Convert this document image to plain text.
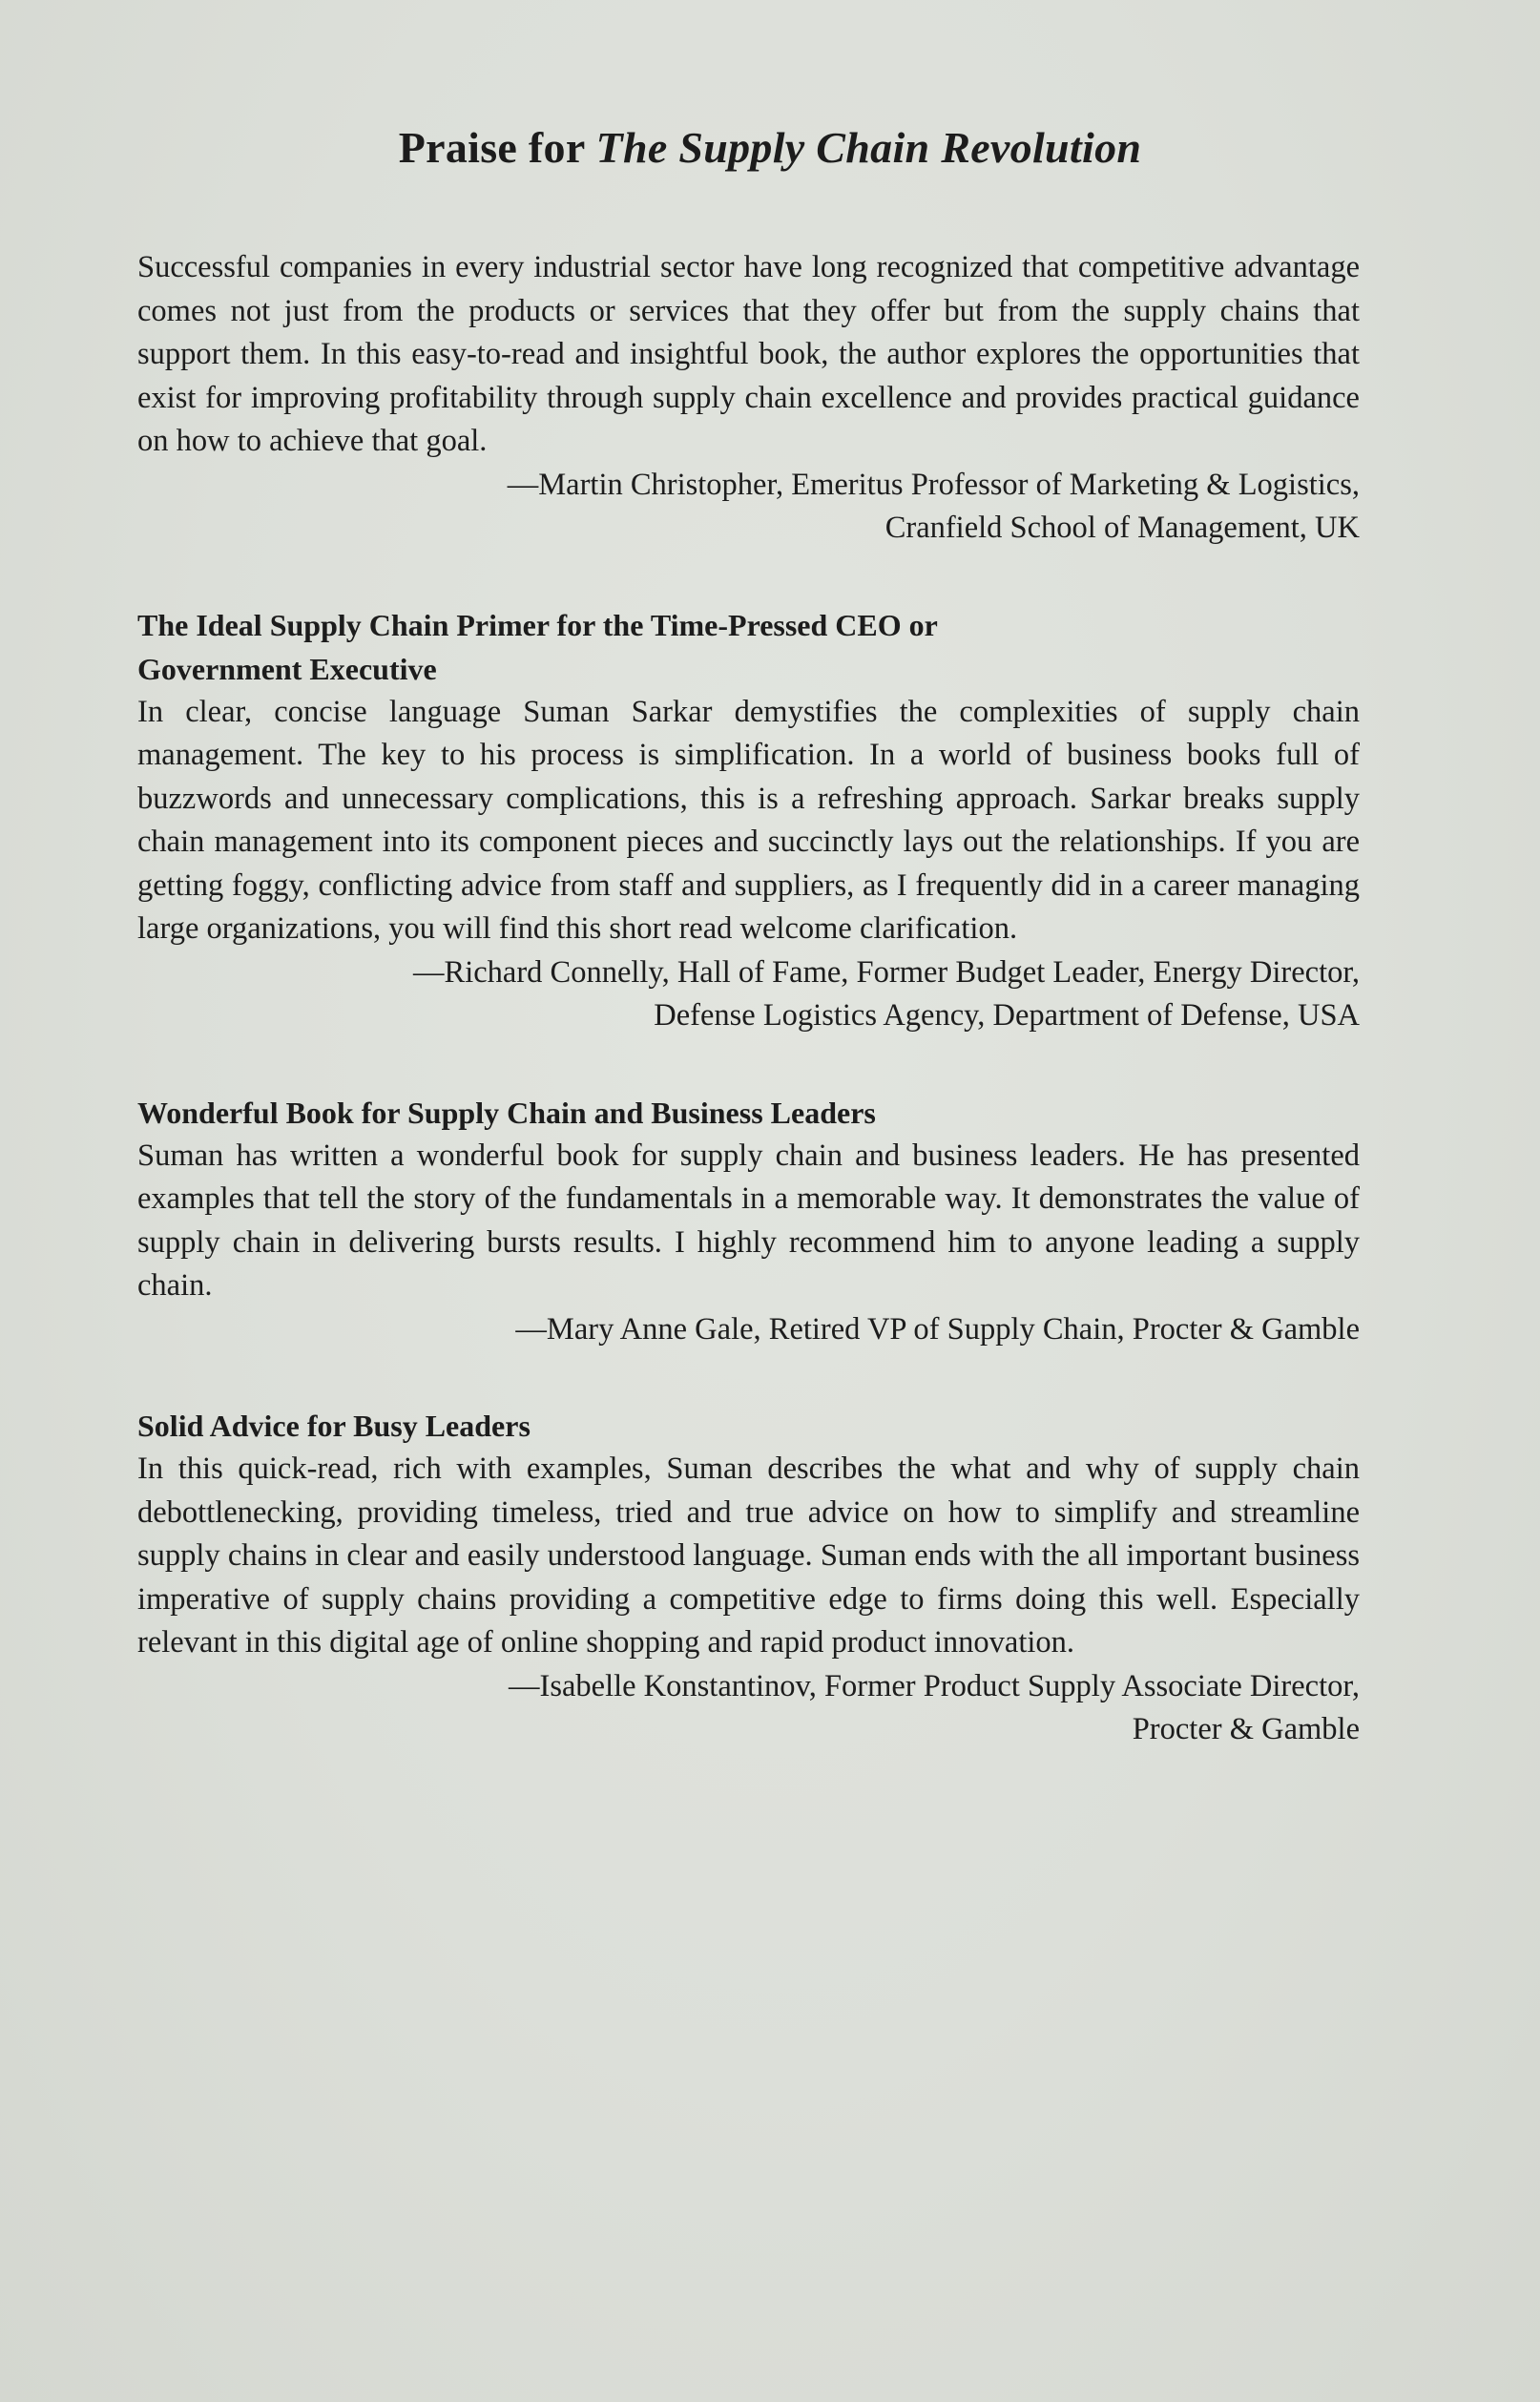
Praise for The Supply Chain Revolution

Successful companies in every industrial sector have long recognized that competitive advantage comes not just from the products or services that they offer but from the supply chains that support them. In this easy-to-read and insightful book, the author explores the opportunities that exist for improving profitability through supply chain excellence and provides practical guidance on how to achieve that goal.

—Martin Christopher, Emeritus Professor of Marketing & Logistics,
Cranfield School of Management, UK

The Ideal Supply Chain Primer for the Time-Pressed CEO or
Government Executive

In clear, concise language Suman Sarkar demystifies the complexities of supply chain management. The key to his process is simplification. In a world of business books full of buzzwords and unnecessary complications, this is a refreshing approach. Sarkar breaks supply chain management into its component pieces and succinctly lays out the relationships. If you are getting foggy, conflicting advice from staff and suppliers, as I frequently did in a career managing large organizations, you will find this short read welcome clarification.

—Richard Connelly, Hall of Fame, Former Budget Leader, Energy Director,
Defense Logistics Agency, Department of Defense, USA

Wonderful Book for Supply Chain and Business Leaders

Suman has written a wonderful book for supply chain and business leaders. He has presented examples that tell the story of the fundamentals in a memorable way. It demonstrates the value of supply chain in delivering bursts results. I highly recommend him to anyone leading a supply chain.

—Mary Anne Gale, Retired VP of Supply Chain, Procter & Gamble

Solid Advice for Busy Leaders

In this quick-read, rich with examples, Suman describes the what and why of supply chain debottlenecking, providing timeless, tried and true advice on how to simplify and streamline supply chains in clear and easily understood language. Suman ends with the all important business imperative of supply chains providing a competitive edge to firms doing this well. Especially relevant in this digital age of online shopping and rapid product innovation.

—Isabelle Konstantinov, Former Product Supply Associate Director,
Procter & Gamble
